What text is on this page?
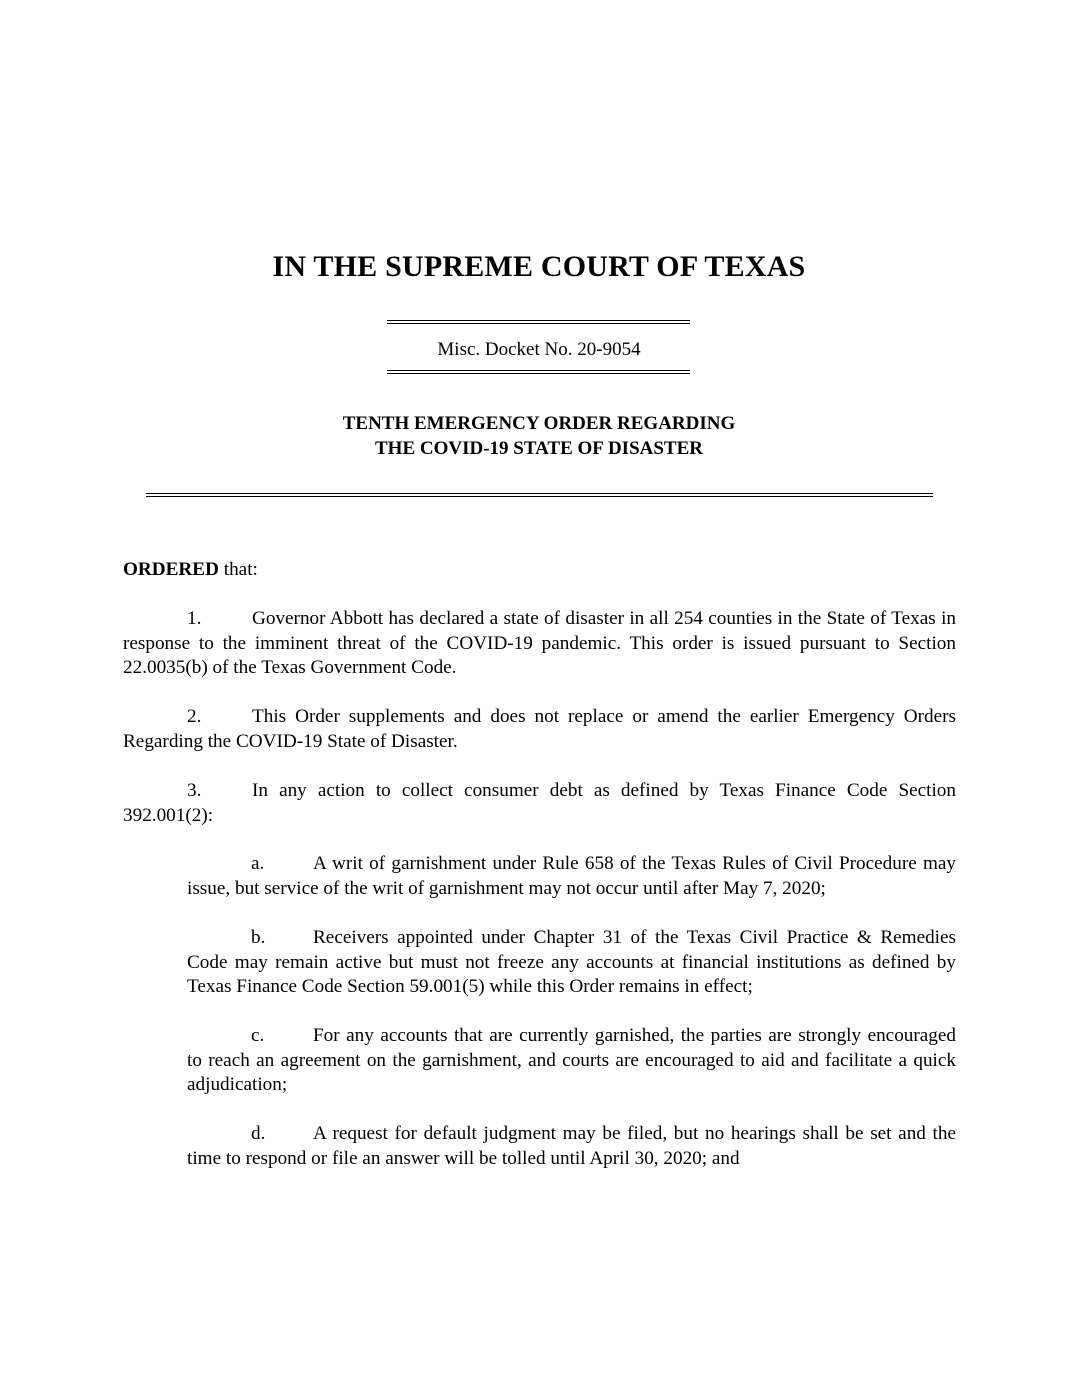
IN THE SUPREME COURT OF TEXAS
Misc. Docket No. 20-9054
TENTH EMERGENCY ORDER REGARDING
THE COVID-19 STATE OF DISASTER
ORDERED that:
1.	Governor Abbott has declared a state of disaster in all 254 counties in the State of Texas in response to the imminent threat of the COVID-19 pandemic. This order is issued pursuant to Section 22.0035(b) of the Texas Government Code.
2.	This Order supplements and does not replace or amend the earlier Emergency Orders Regarding the COVID-19 State of Disaster.
3.	In any action to collect consumer debt as defined by Texas Finance Code Section 392.001(2):
a.	A writ of garnishment under Rule 658 of the Texas Rules of Civil Procedure may issue, but service of the writ of garnishment may not occur until after May 7, 2020;
b. Receivers appointed under Chapter 31 of the Texas Civil Practice & Remedies Code may remain active but must not freeze any accounts at financial institutions as defined by Texas Finance Code Section 59.001(5) while this Order remains in effect;
c.	For any accounts that are currently garnished, the parties are strongly encouraged to reach an agreement on the garnishment, and courts are encouraged to aid and facilitate a quick adjudication;
d. A request for default judgment may be filed, but no hearings shall be set and the time to respond or file an answer will be tolled until April 30, 2020; and
